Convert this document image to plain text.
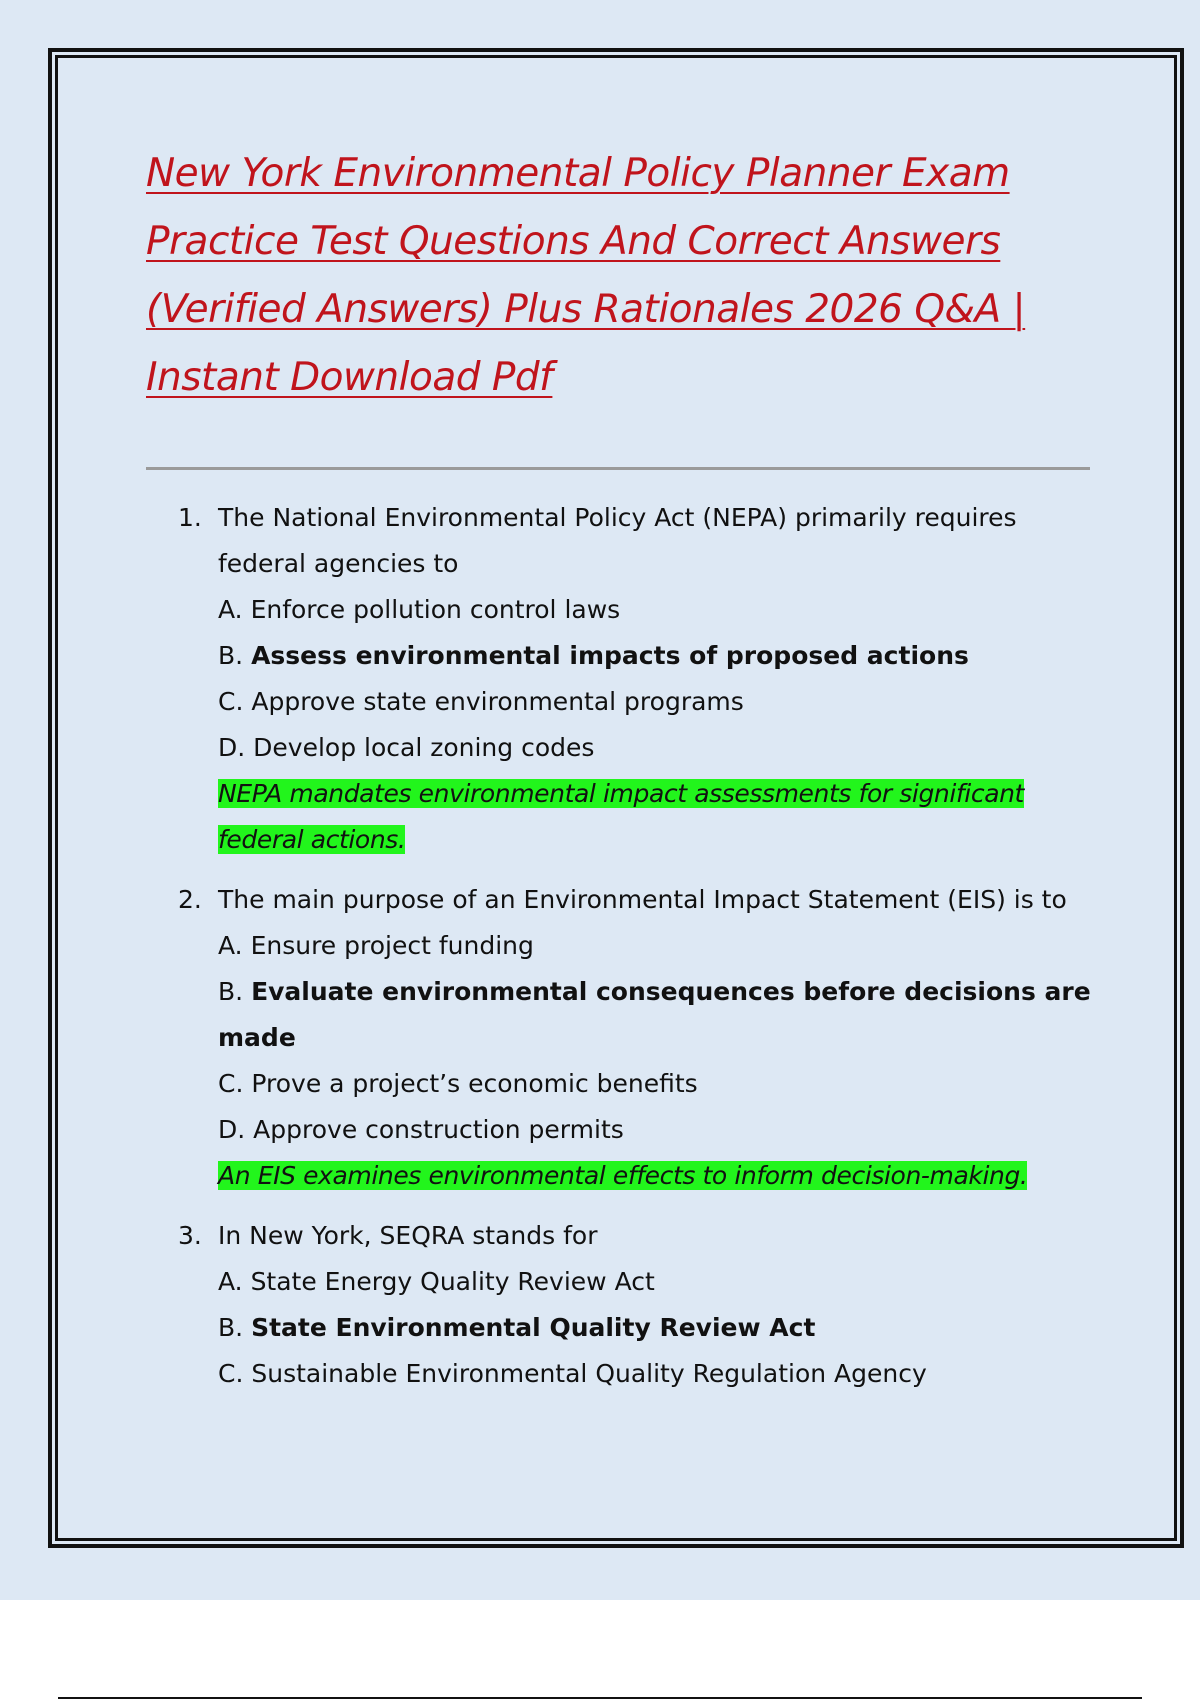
New York Environmental Policy Planner Exam Practice Test Questions And Correct Answers (Verified Answers) Plus Rationales 2026 Q&A | Instant Download Pdf
1. The National Environmental Policy Act (NEPA) primarily requires federal agencies to
A. Enforce pollution control laws
B. Assess environmental impacts of proposed actions
C. Approve state environmental programs
D. Develop local zoning codes
NEPA mandates environmental impact assessments for significant federal actions.
2. The main purpose of an Environmental Impact Statement (EIS) is to
A. Ensure project funding
B. Evaluate environmental consequences before decisions are made
C. Prove a project’s economic benefits
D. Approve construction permits
An EIS examines environmental effects to inform decision-making.
3. In New York, SEQRA stands for
A. State Energy Quality Review Act
B. State Environmental Quality Review Act
C. Sustainable Environmental Quality Regulation Agency
